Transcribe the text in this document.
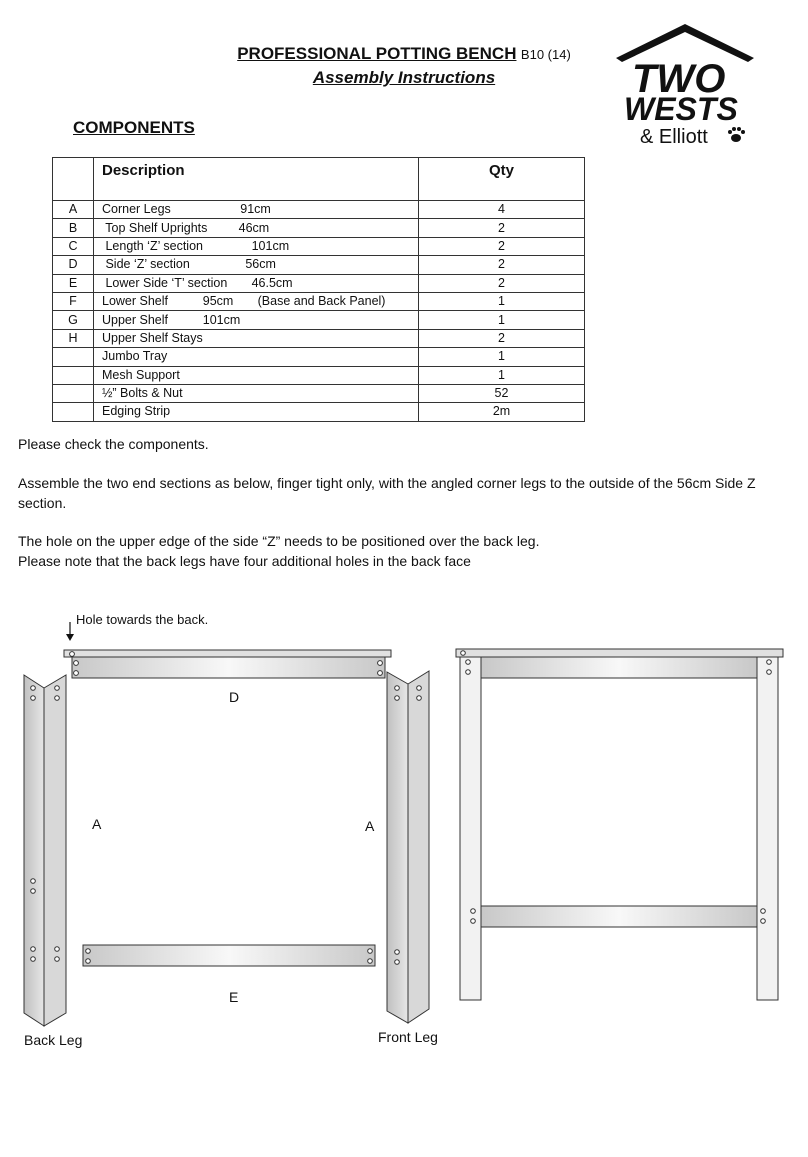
PROFESSIONAL POTTING BENCH B10 (14)
Assembly Instructions	TWO
WESTS
& Elliott
COMPONENTS
	Description	Qty
A	Corner Legs                    91cm	4
B	Top Shelf Uprights         46cm	2
C	Length ‘Z’ section              101cm	2
D	Side ‘Z’ section                56cm	2
E	Lower Side ‘T’ section       46.5cm	2
F	Lower Shelf          95cm       (Base and Back Panel)	1
G	Upper Shelf          101cm	1
H	Upper Shelf Stays	2
	Jumbo Tray	1
	Mesh Support	1
	½” Bolts & Nut	52
	Edging Strip	2m
Please check the components.
Assemble the two end sections as below, finger tight only, with the angled corner legs to the outside of the 56cm Side Z section.
The hole on the upper edge of the side “Z” needs to be positioned over the back leg.
Please note that the back legs have four additional holes in the back face
Hole towards the back.
D
A	A
E
Back Leg	Front Leg
